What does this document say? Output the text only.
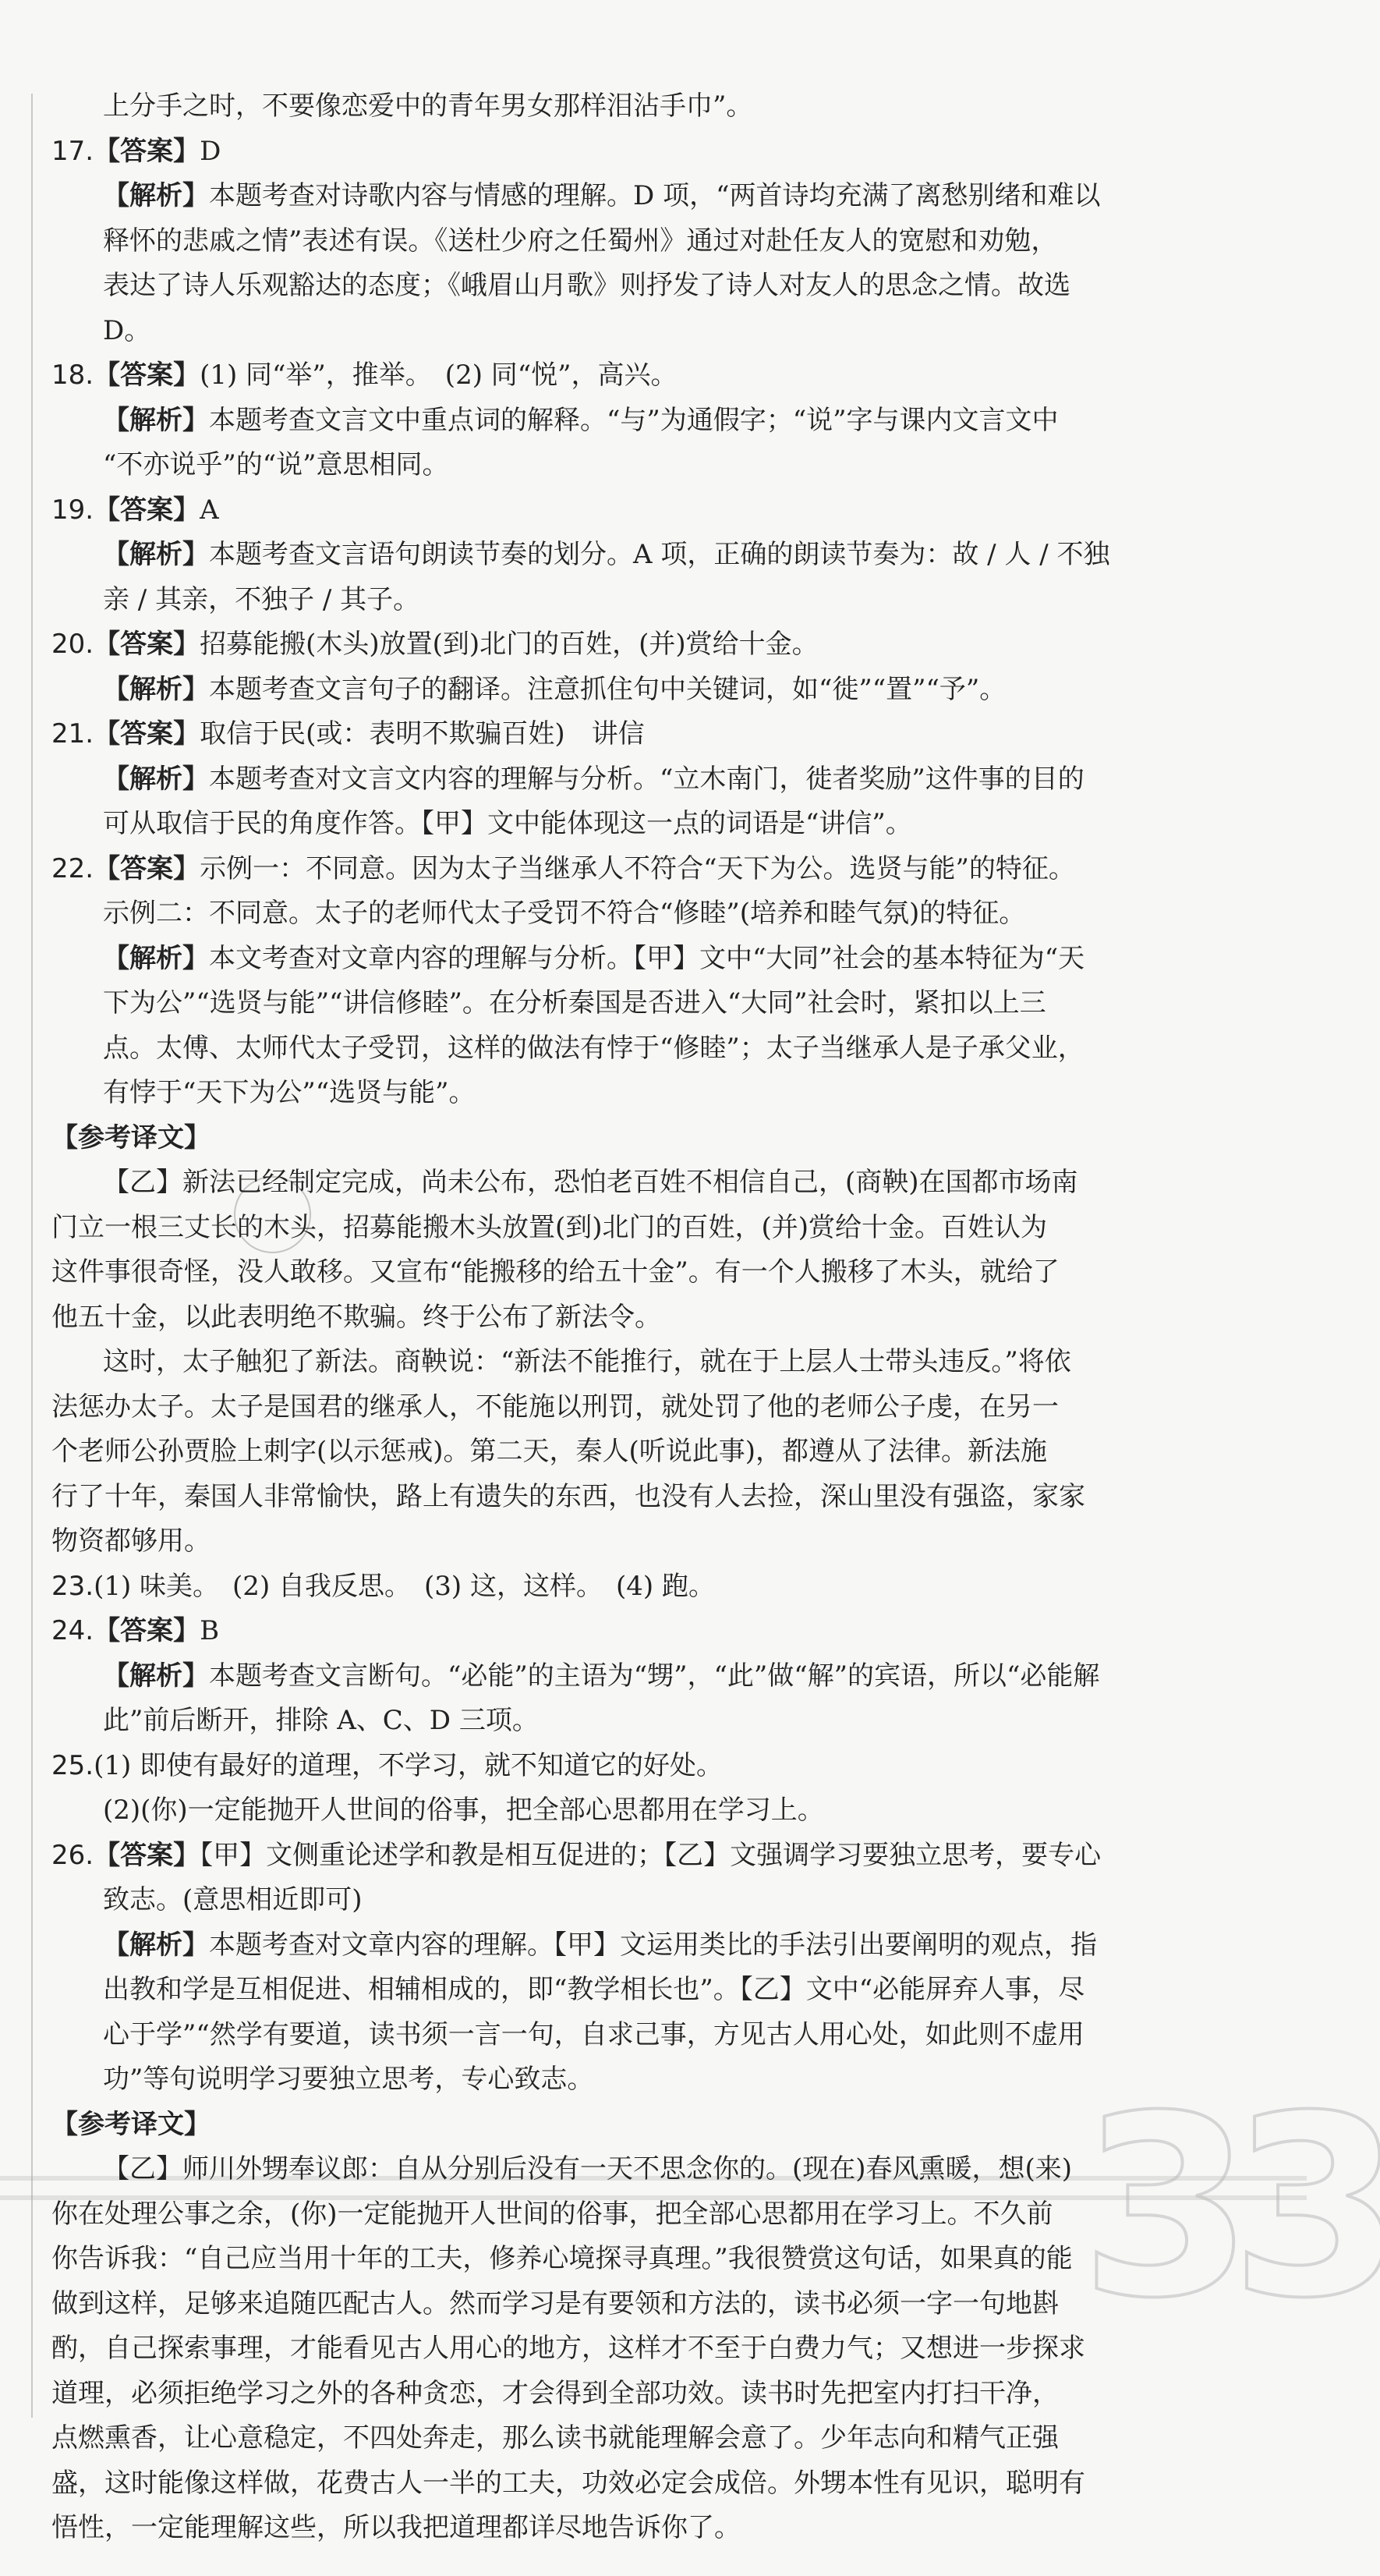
上分手之时，不要像恋爱中的青年男女那样泪沾手巾”。
17.【答案】D
【解析】本题考查对诗歌内容与情感的理解。D 项，“两首诗均充满了离愁别绪和难以
释怀的悲戚之情”表述有误。《送杜少府之任蜀州》通过对赴任友人的宽慰和劝勉，
表达了诗人乐观豁达的态度；《峨眉山月歌》则抒发了诗人对友人的思念之情。故选
D。
18.【答案】(1) 同“举”，推举。　(2) 同“悦”，高兴。
【解析】本题考查文言文中重点词的解释。“与”为通假字；“说”字与课内文言文中
“不亦说乎”的“说”意思相同。
19.【答案】A
【解析】本题考查文言语句朗读节奏的划分。A 项，正确的朗读节奏为：故 / 人 / 不独
亲 / 其亲，不独子 / 其子。
20.【答案】招募能搬(木头)放置(到)北门的百姓，(并)赏给十金。
【解析】本题考查文言句子的翻译。注意抓住句中关键词，如“徙”“置”“予”。
21.【答案】取信于民(或：表明不欺骗百姓)　讲信
【解析】本题考查对文言文内容的理解与分析。“立木南门，徙者奖励”这件事的目的
可从取信于民的角度作答。【甲】文中能体现这一点的词语是“讲信”。
22.【答案】示例一：不同意。因为太子当继承人不符合“天下为公。选贤与能”的特征。
示例二：不同意。太子的老师代太子受罚不符合“修睦”(培养和睦气氛)的特征。
【解析】本文考查对文章内容的理解与分析。【甲】文中“大同”社会的基本特征为“天
下为公”“选贤与能”“讲信修睦”。在分析秦国是否进入“大同”社会时，紧扣以上三
点。太傅、太师代太子受罚，这样的做法有悖于“修睦”；太子当继承人是子承父业，
有悖于“天下为公”“选贤与能”。
【参考译文】
【乙】新法已经制定完成，尚未公布，恐怕老百姓不相信自己，(商鞅)在国都市场南
门立一根三丈长的木头，招募能搬木头放置(到)北门的百姓，(并)赏给十金。百姓认为
这件事很奇怪，没人敢移。又宣布“能搬移的给五十金”。有一个人搬移了木头，就给了
他五十金，以此表明绝不欺骗。终于公布了新法令。
这时，太子触犯了新法。商鞅说：“新法不能推行，就在于上层人士带头违反。”将依
法惩办太子。太子是国君的继承人，不能施以刑罚，就处罚了他的老师公子虔，在另一
个老师公孙贾脸上刺字(以示惩戒)。第二天，秦人(听说此事)，都遵从了法律。新法施
行了十年，秦国人非常愉快，路上有遗失的东西，也没有人去捡，深山里没有强盗，家家
物资都够用。
23.(1) 味美。　(2) 自我反思。　(3) 这，这样。　(4) 跑。
24.【答案】B
【解析】本题考查文言断句。“必能”的主语为“甥”，“此”做“解”的宾语，所以“必能解
此”前后断开，排除 A、C、D 三项。
25.(1) 即使有最好的道理，不学习，就不知道它的好处。
(2)(你)一定能抛开人世间的俗事，把全部心思都用在学习上。
26.【答案】【甲】文侧重论述学和教是相互促进的；【乙】文强调学习要独立思考，要专心
致志。(意思相近即可)
【解析】本题考查对文章内容的理解。【甲】文运用类比的手法引出要阐明的观点，指
出教和学是互相促进、相辅相成的，即“教学相长也”。【乙】文中“必能屏弃人事，尽
心于学”“然学有要道，读书须一言一句，自求己事，方见古人用心处，如此则不虚用
功”等句说明学习要独立思考，专心致志。
【参考译文】
【乙】师川外甥奉议郎：自从分别后没有一天不思念你的。(现在)春风熏暖，想(来)
你在处理公事之余，(你)一定能抛开人世间的俗事，把全部心思都用在学习上。不久前
你告诉我：“自己应当用十年的工夫，修养心境探寻真理。”我很赞赏这句话，如果真的能
做到这样，足够来追随匹配古人。然而学习是有要领和方法的，读书必须一字一句地斟
酌，自己探索事理，才能看见古人用心的地方，这样才不至于白费力气；又想进一步探求
道理，必须拒绝学习之外的各种贪恋，才会得到全部功效。读书时先把室内打扫干净，
点燃熏香，让心意稳定，不四处奔走，那么读书就能理解会意了。少年志向和精气正强
盛，这时能像这样做，花费古人一半的工夫，功效必定会成倍。外甥本性有见识，聪明有
悟性，一定能理解这些，所以我把道理都详尽地告诉你了。
33
